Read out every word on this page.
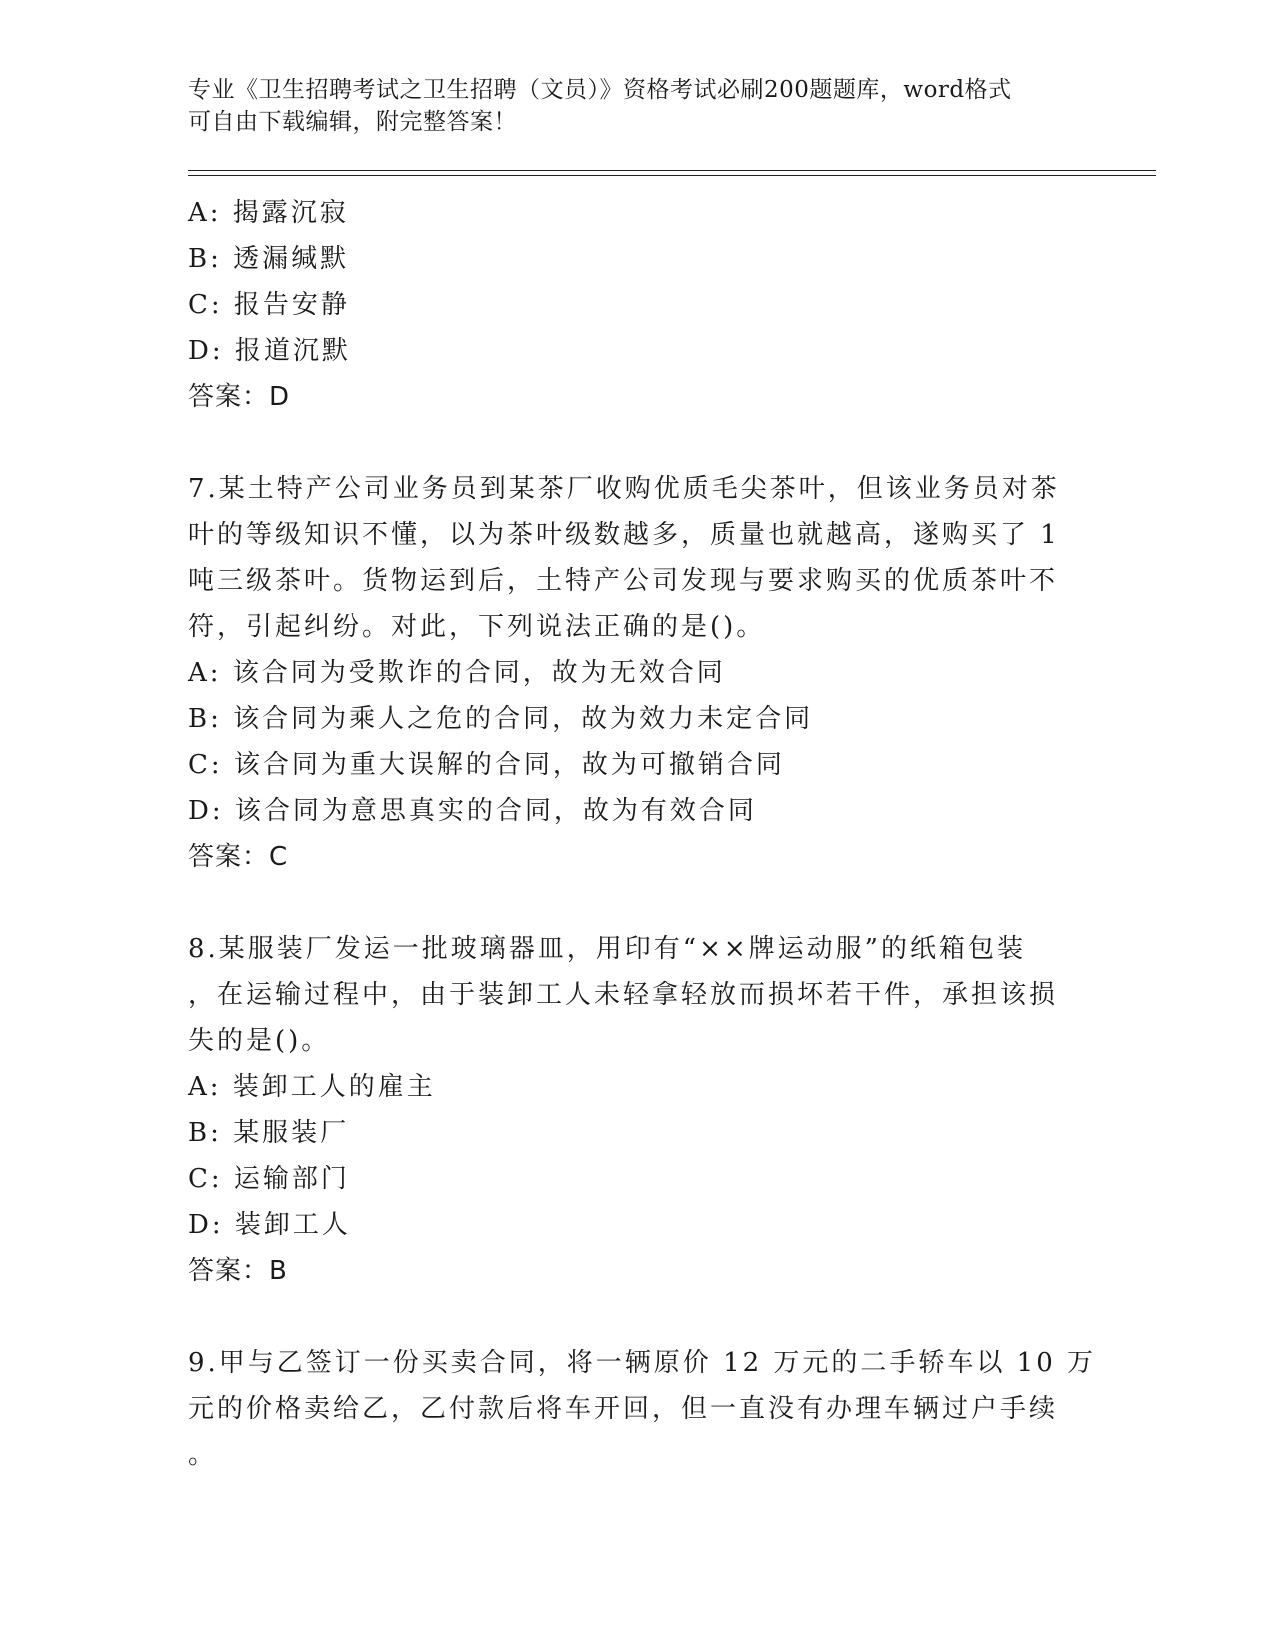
专业《卫生招聘考试之卫生招聘（文员）》资格考试必刷200题题库，word格式
可自由下载编辑，附完整答案！
A: 揭露沉寂
B: 透漏缄默
C: 报告安静
D: 报道沉默
答案：D
7.某土特产公司业务员到某茶厂收购优质毛尖茶叶，但该业务员对茶
叶的等级知识不懂，以为茶叶级数越多，质量也就越高，遂购买了 1
吨三级茶叶。货物运到后，土特产公司发现与要求购买的优质茶叶不
符，引起纠纷。对此，下列说法正确的是()。
A: 该合同为受欺诈的合同，故为无效合同
B: 该合同为乘人之危的合同，故为效力未定合同
C: 该合同为重大误解的合同，故为可撤销合同
D: 该合同为意思真实的合同，故为有效合同
答案：C
8.某服装厂发运一批玻璃器皿，用印有“××牌运动服”的纸箱包装
，在运输过程中，由于装卸工人未轻拿轻放而损坏若干件，承担该损
失的是()。
A: 装卸工人的雇主
B: 某服装厂
C: 运输部门
D: 装卸工人
答案：B
9.甲与乙签订一份买卖合同，将一辆原价 12 万元的二手轿车以 10 万
元的价格卖给乙，乙付款后将车开回，但一直没有办理车辆过户手续
。
